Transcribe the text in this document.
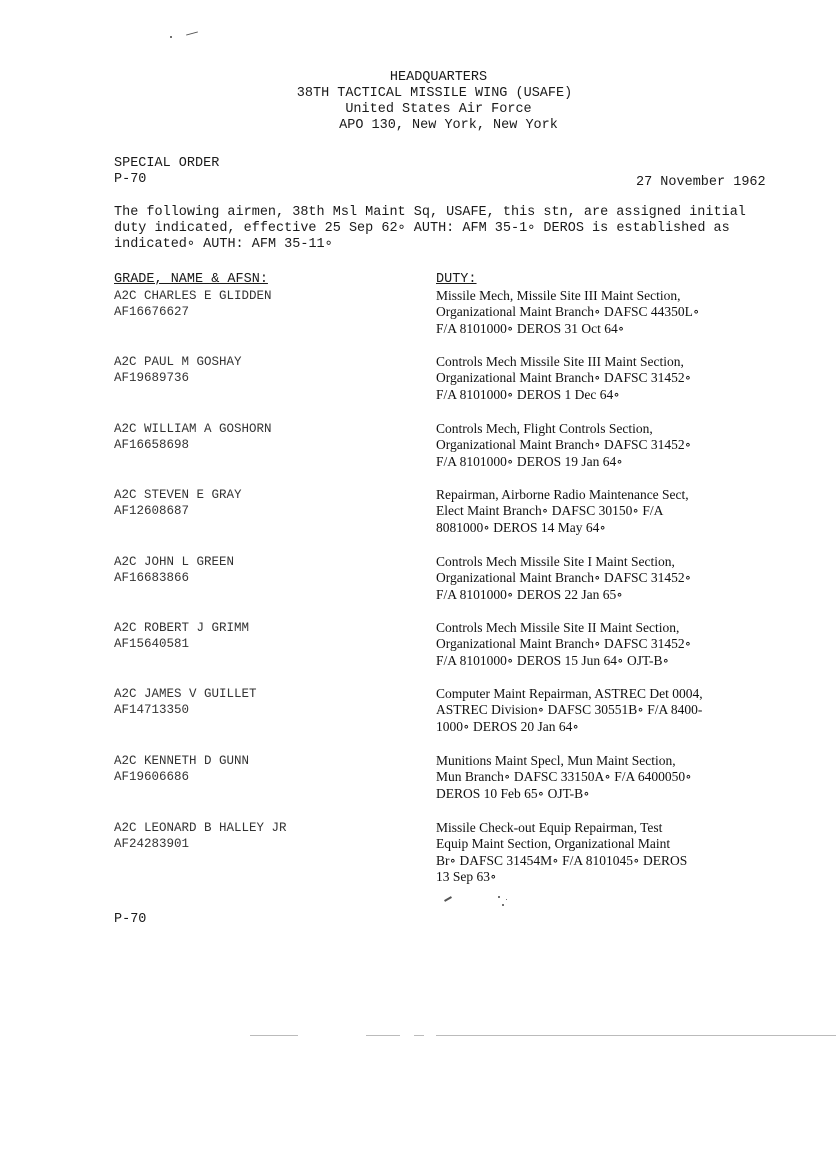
HEADQUARTERS
38TH TACTICAL MISSILE WING (USAFE)
United States Air Force
APO 130, New York, New York
SPECIAL ORDER
P-70	27 November 1962
The following airmen, 38th Msl Maint Sq, USAFE, this stn, are assigned initial
duty indicated, effective 25 Sep 62∘ AUTH: AFM 35-1∘ DEROS is established as
indicated∘ AUTH: AFM 35-11∘
GRADE, NAME & AFSN:	DUTY:
A2C CHARLES E GLIDDEN
AF16676627
Missile Mech, Missile Site III Maint Section,
Organizational Maint Branch∘ DAFSC 44350L∘
F/A 8101000∘ DEROS 31 Oct 64∘
A2C PAUL M GOSHAY
AF19689736
Controls Mech Missile Site III Maint Section,
Organizational Maint Branch∘ DAFSC 31452∘
F/A 8101000∘ DEROS 1 Dec 64∘
A2C WILLIAM A GOSHORN
AF16658698
Controls Mech, Flight Controls Section,
Organizational Maint Branch∘ DAFSC 31452∘
F/A 8101000∘ DEROS 19 Jan 64∘
A2C STEVEN E GRAY
AF12608687
Repairman, Airborne Radio Maintenance Sect,
Elect Maint Branch∘ DAFSC 30150∘ F/A
8081000∘ DEROS 14 May 64∘
A2C JOHN L GREEN
AF16683866
Controls Mech Missile Site I Maint Section,
Organizational Maint Branch∘ DAFSC 31452∘
F/A 8101000∘ DEROS 22 Jan 65∘
A2C ROBERT J GRIMM
AF15640581
Controls Mech Missile Site II Maint Section,
Organizational Maint Branch∘ DAFSC 31452∘
F/A 8101000∘ DEROS 15 Jun 64∘ OJT-B∘
A2C JAMES V GUILLET
AF14713350
Computer Maint Repairman, ASTREC Det 0004,
ASTREC Division∘ DAFSC 30551B∘ F/A 8400-
1000∘ DEROS 20 Jan 64∘
A2C KENNETH D GUNN
AF19606686
Munitions Maint Specl, Mun Maint Section,
Mun Branch∘ DAFSC 33150A∘ F/A 6400050∘
DEROS 10 Feb 65∘ OJT-B∘
A2C LEONARD B HALLEY JR
AF24283901
Missile Check-out Equip Repairman, Test
Equip Maint Section, Organizational Maint
Br∘ DAFSC 31454M∘ F/A 8101045∘ DEROS
13 Sep 63∘
P-70
